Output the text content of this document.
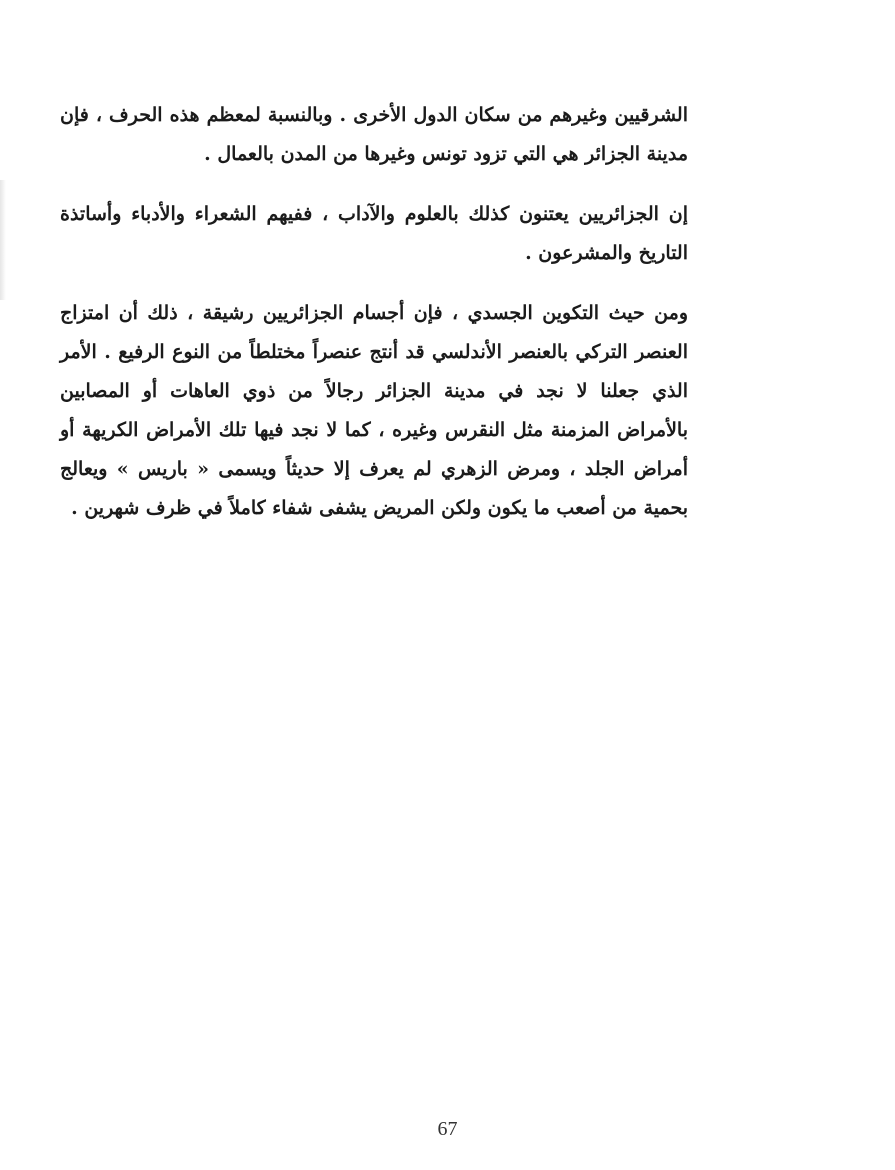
الشرقيين وغيرهم من سكان الدول الأخرى . وبالنسبة لمعظم هذه الحرف ، فإن مدينة الجزائر هي التي تزود تونس وغيرها من المدن بالعمال .

إن الجزائريين يعتنون كذلك بالعلوم والآداب ، ففيهم الشعراء والأدباء وأساتذة التاريخ والمشرعون .

ومن حيث التكوين الجسدي ، فإن أجسام الجزائريين رشيقة ، ذلك أن امتزاج العنصر التركي بالعنصر الأندلسي قد أنتج عنصراً مختلطاً من النوع الرفيع . الأمر الذي جعلنا لا نجد في مدينة الجزائر رجالاً من ذوي العاهات أو المصابين بالأمراض المزمنة مثل النقرس وغيره ، كما لا نجد فيها تلك الأمراض الكريهة أو أمراض الجلد ، ومرض الزهري لم يعرف إلا حديثاً ويسمى « باريس » ويعالج بحمية من أصعب ما يكون ولكن المريض يشفى شفاء كاملاً في ظرف شهرين .

67
